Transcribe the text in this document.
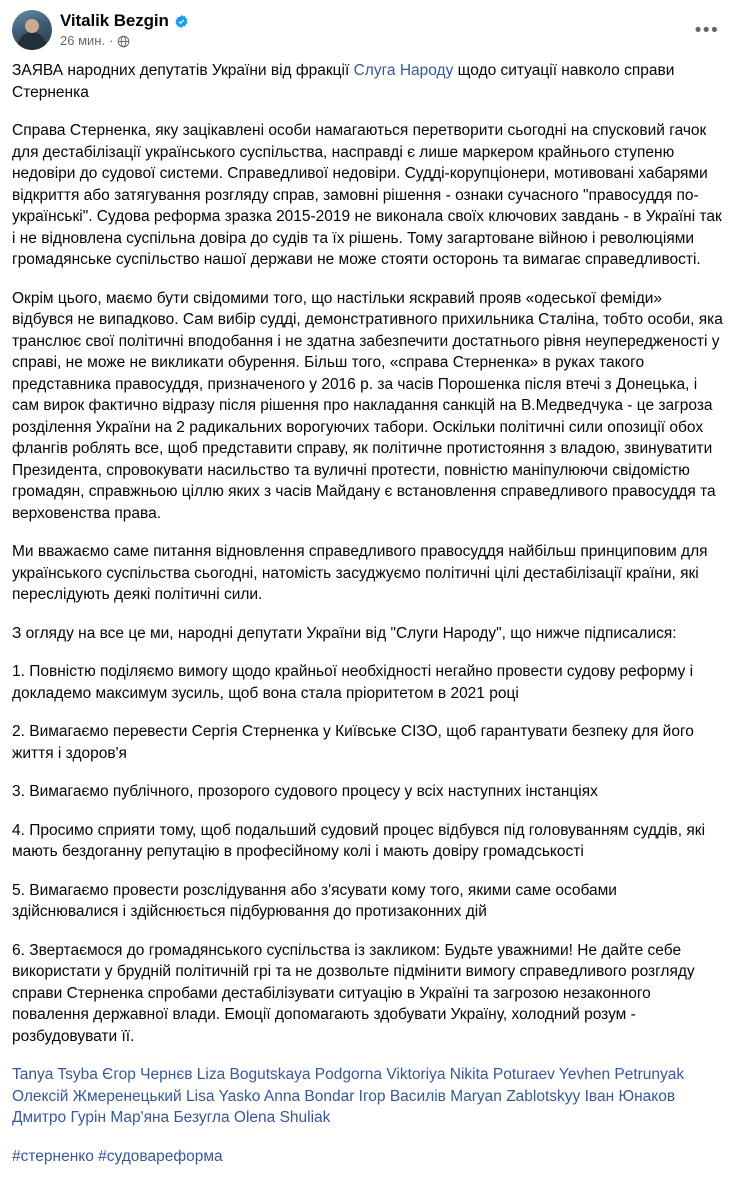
Vitalik Bezgin
26 мин. ·	•••

ЗАЯВА народних депутатів України від фракції Слуга Народу щодо ситуації навколо справи Стерненка

Справа Стерненка, яку зацікавлені особи намагаються перетворити сьогодні на спусковий гачок для дестабілізації українського суспільства, насправді є лише маркером крайнього ступеню недовіри до судової системи. Справедливої недовіри. Судді-корупціонери, мотивовані хабарями відкриття або затягування розгляду справ, замовні рішення - ознаки сучасного "правосуддя по-українські". Судова реформа зразка 2015-2019 не виконала своїх ключових завдань - в Україні так і не відновлена суспільна довіра до судів та їх рішень. Тому загартоване війною і революціями громадянське суспільство нашої держави не може стояти осторонь та вимагає справедливості.

Окрім цього, маємо бути свідомими того, що настільки яскравий прояв «одеської феміди» відбувся не випадково. Сам вибір судді, демонстративного прихильника Сталіна, тобто особи, яка транслює свої політичні вподобання і не здатна забезпечити достатнього рівня неупередженості у справі, не може не викликати обурення. Більш того, «справа Стерненка» в руках такого представника правосуддя, призначеного у 2016 р. за часів Порошенка після втечі з Донецька, і сам вирок фактично відразу після рішення про накладання санкцій на В.Медведчука - це загроза розділення України на 2 радикальних ворогуючих табори. Оскільки політичні сили опозиції обох флангів роблять все, щоб представити справу, як політичне протистояння з владою, звинуватити Президента, спровокувати насильство та вуличні протести, повністю маніпулюючи свідомістю громадян, справжньою ціллю яких з часів Майдану є встановлення справедливого правосуддя та верховенства права.

Ми вважаємо саме питання відновлення справедливого правосуддя найбільш принциповим для українського суспільства сьогодні, натомість засуджуємо політичні цілі дестабілізації країни, які переслідують деякі політичні сили.

З огляду на все це ми, народні депутати України від "Слуги Народу", що нижче підписалися:

1. Повністю поділяємо вимогу щодо крайньої необхідності негайно провести судову реформу і докладемо максимум зусиль, щоб вона стала пріоритетом в 2021 році

2. Вимагаємо перевести Сергія Стерненка у Київське СІЗО, щоб гарантувати безпеку для його життя і здоров'я

3. Вимагаємо публічного, прозорого судового процесу у всіх наступних інстанціях

4. Просимо сприяти тому, щоб подальший судовий процес відбувся під головуванням суддів, які мають бездоганну репутацію в професійному колі і мають довіру громадськості

5. Вимагаємо провести розслідування або з'ясувати кому того, якими саме особами здійснювалися і здійснюється підбурювання до протизаконних дій

6. Звертаємося до громадянського суспільства із закликом: Будьте уважними! Не дайте себе використати у брудній політичній грі та не дозвольте підмінити вимогу справедливого розгляду справи Стерненка спробами дестабілізувати ситуацію в Україні та загрозою незаконного повалення державної влади. Емоції допомагають здобувати Україну, холодний розум - розбудовувати її.

Tanya Tsyba Єгор Чернєв Liza Bogutskaya Podgorna Viktoriya Nikita Poturaev Yevhen Petrunyak Олексій Жмеренецький Lisa Yasko Anna Bondar Iгор Василів Maryan Zablotskyy Іван Юнаков Дмитро Гурін Мар'яна Безугла Olena Shuliak

#стерненко #судовареформа
